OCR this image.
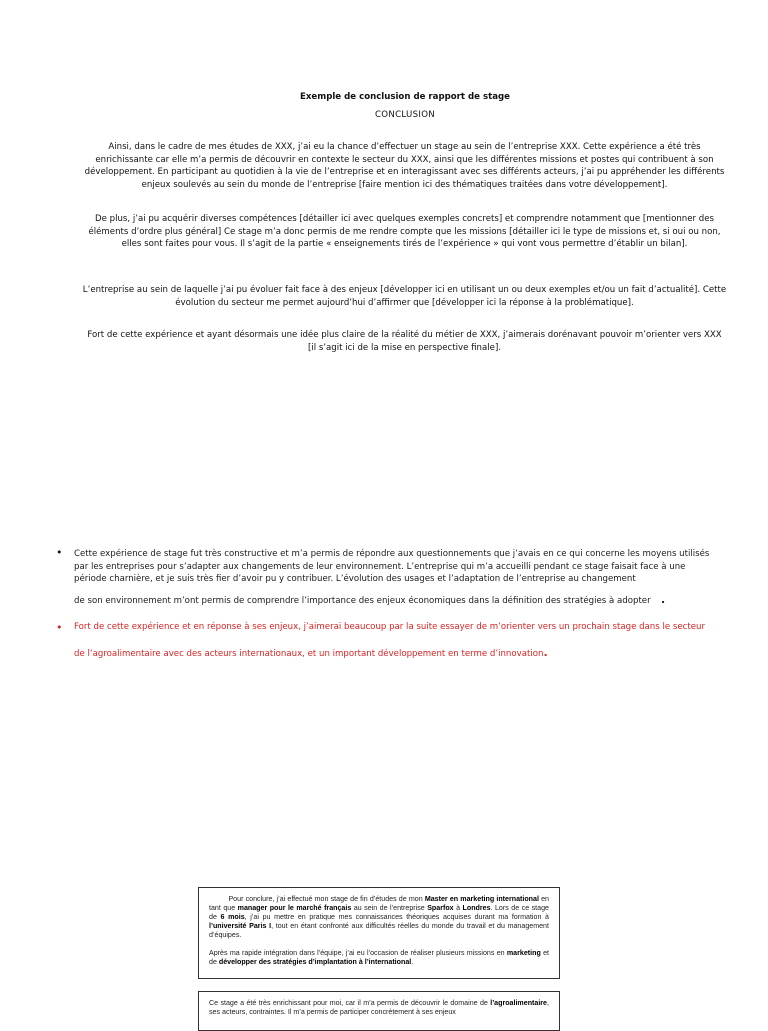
Exemple de conclusion de rapport de stage
CONCLUSION

Ainsi, dans le cadre de mes études de XXX, j’ai eu la chance d’effectuer un stage au sein de l’entreprise XXX. Cette expérience a été très enrichissante car elle m’a permis de découvrir en contexte le secteur du XXX, ainsi que les différentes missions et postes qui contribuent à son développement. En participant au quotidien à la vie de l’entreprise et en interagissant avec ses différents acteurs, j’ai pu appréhender les différents enjeux soulevés au sein du monde de l’entreprise [faire mention ici des thématiques traitées dans votre développement].

De plus, j’ai pu acquérir diverses compétences [détailler ici avec quelques exemples concrets] et comprendre notamment que [mentionner des éléments d’ordre plus général] Ce stage m’a donc permis de me rendre compte que les missions [détailler ici le type de missions et, si oui ou non, elles sont faites pour vous. Il s’agit de la partie « enseignements tirés de l’expérience » qui vont vous permettre d’établir un bilan].

L’entreprise au sein de laquelle j’ai pu évoluer fait face à des enjeux [développer ici en utilisant un ou deux exemples et/ou un fait d’actualité]. Cette évolution du secteur me permet aujourd’hui d’affirmer que [développer ici la réponse à la problématique].

Fort de cette expérience et ayant désormais une idée plus claire de la réalité du métier de XXX, j’aimerais dorénavant pouvoir m’orienter vers XXX [il s’agit ici de la mise en perspective finale].

• Cette expérience de stage fut très constructive et m’a permis de répondre aux questionnements que j’avais en ce qui concerne les moyens utilisés par les entreprises pour s’adapter aux changements de leur environnement. L’entreprise qui m’a accueilli pendant ce stage faisait face à une période charnière, et je suis très fier d’avoir pu y contribuer. L’évolution des usages et l’adaptation de l’entreprise au changement
de son environnement m’ont permis de comprendre l’importance des enjeux économiques dans la définition des stratégies à adopter .
• Fort de cette expérience et en réponse à ses enjeux, j’aimerai beaucoup par la suite essayer de m’orienter vers un prochain stage dans le secteur de l’agroalimentaire avec des acteurs internationaux, et un important développement en terme d’innovation.

Pour conclure, j’ai effectué mon stage de fin d’études de mon Master en marketing international en tant que manager pour le marché français au sein de l’entreprise Sparfox à Londres. Lors de ce stage de 6 mois, j’ai pu mettre en pratique mes connaissances théoriques acquises durant ma formation à l’université Paris I, tout en étant confronté aux difficultés réelles du monde du travail et du management d’équipes.

Après ma rapide intégration dans l’équipe, j’ai eu l’occasion de réaliser plusieurs missions en marketing et de développer des stratégies d’implantation à l’international.

Ce stage a été très enrichissant pour moi, car il m’a permis de découvrir le domaine de l’agroalimentaire, ses acteurs, contraintes. Il m’a permis de participer concrètement à ses enjeux
